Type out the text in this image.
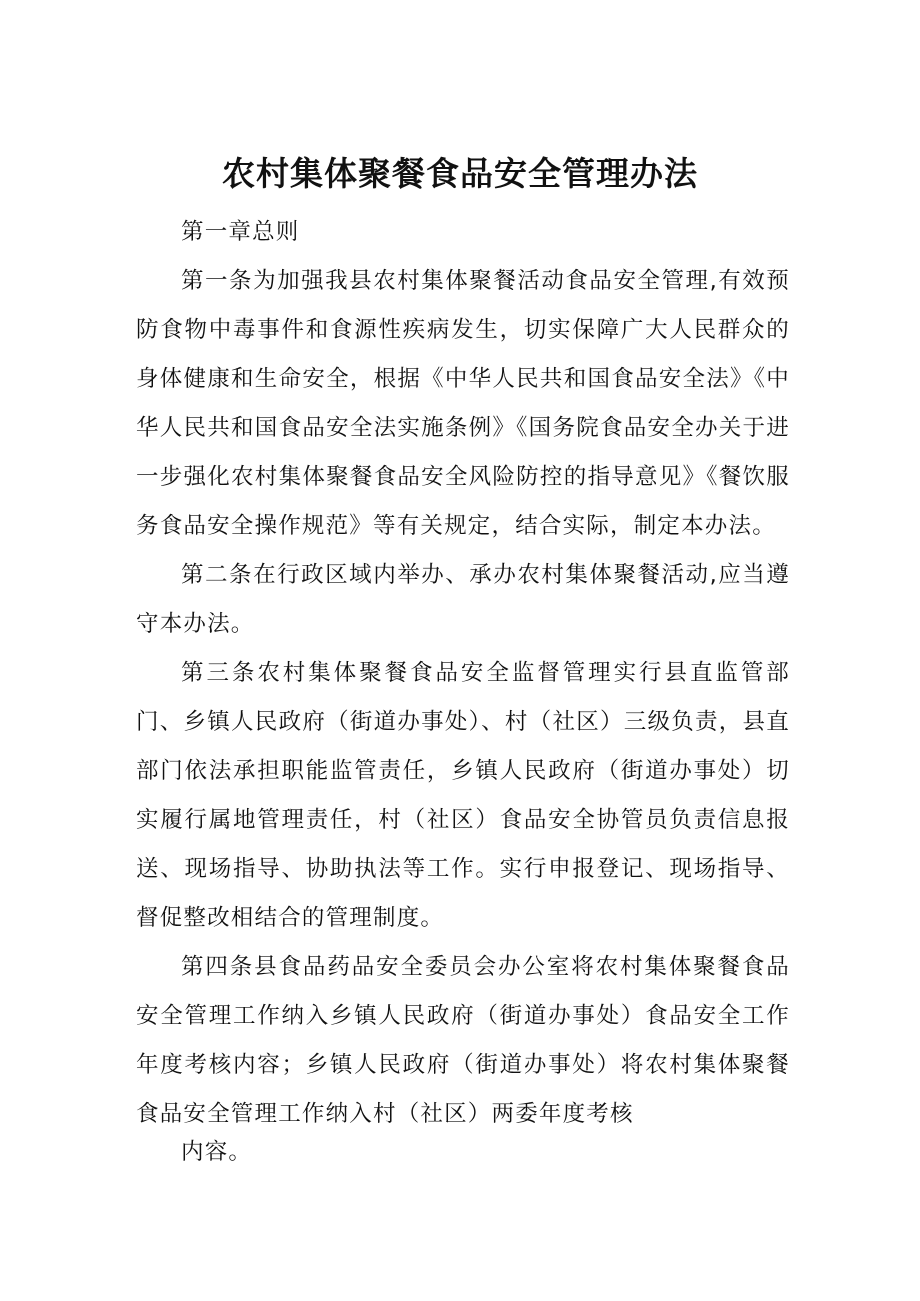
农村集体聚餐食品安全管理办法

第一章总则

第一条为加强我县农村集体聚餐活动食品安全管理,有效预防食物中毒事件和食源性疾病发生，切实保障广大人民群众的身体健康和生命安全，根据《中华人民共和国食品安全法》《中华人民共和国食品安全法实施条例》《国务院食品安全办关于进一步强化农村集体聚餐食品安全风险防控的指导意见》《餐饮服务食品安全操作规范》等有关规定，结合实际，制定本办法。

第二条在行政区域内举办、承办农村集体聚餐活动,应当遵守本办法。

第三条农村集体聚餐食品安全监督管理实行县直监管部门、乡镇人民政府（街道办事处）、村（社区）三级负责，县直部门依法承担职能监管责任，乡镇人民政府（街道办事处）切实履行属地管理责任，村（社区）食品安全协管员负责信息报送、现场指导、协助执法等工作。实行申报登记、现场指导、督促整改相结合的管理制度。

第四条县食品药品安全委员会办公室将农村集体聚餐食品安全管理工作纳入乡镇人民政府（街道办事处）食品安全工作年度考核内容；乡镇人民政府（街道办事处）将农村集体聚餐食品安全管理工作纳入村（社区）两委年度考核

内容。
